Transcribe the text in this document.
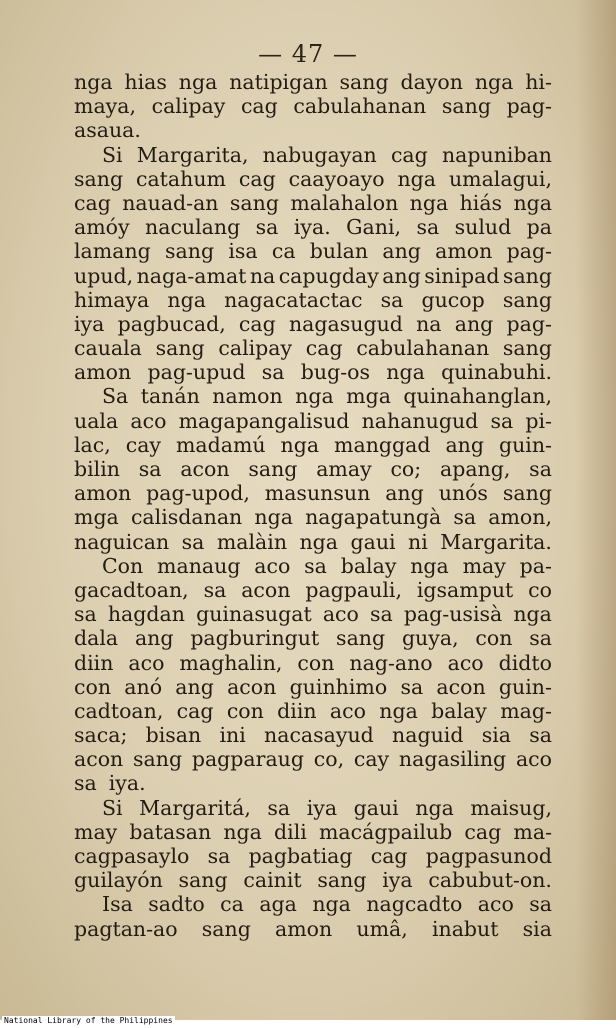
— 47 —
nga hias nga natipigan sang dayon nga hi-
maya, calipay cag cabulahanan sang pag-
asaua.
Si Margarita, nabugayan cag napuniban
sang catahum cag caayoayo nga umalagui,
cag nauad-an sang malahalon nga hiás nga
amóy naculang sa iya. Gani, sa sulud pa
lamang sang isa ca bulan ang amon pag-
upud, naga-amat na capugday ang sinipad sang
himaya nga nagacatactac sa gucop sang
iya pagbucad, cag nagasugud na ang pag-
cauala sang calipay cag cabulahanan sang
amon pag-upud sa bug-os nga quinabuhi.
Sa tanán namon nga mga quinahanglan,
uala aco magapangalisud nahanugud sa pi-
lac, cay madamú nga manggad ang guin-
bilin sa acon sang amay co; apang, sa
amon pag-upod, masunsun ang unós sang
mga calisdanan nga nagapatungà sa amon,
naguican sa malàin nga gaui ni Margarita.
Con manaug aco sa balay nga may pa-
gacadtoan, sa acon pagpauli, igsamput co
sa hagdan guinasugat aco sa pag-usisà nga
dala ang pagburingut sang guya, con sa
diin aco maghalin, con nag-ano aco didto
con anó ang acon guinhimo sa acon guin-
cadtoan, cag con diin aco nga balay mag-
saca; bisan ini nacasayud naguid sia sa
acon sang pagparaug co, cay nagasiling aco
sa iya.
Si Margaritá, sa iya gaui nga maisug,
may batasan nga dili macágpailub cag ma-
cagpasaylo sa pagbatiag cag pagpasunod
guilayón sang cainit sang iya cabubut-on.
Isa sadto ca aga nga nagcadto aco sa
pagtan-ao sang amon umâ, inabut sia
National Library of the Philippines
